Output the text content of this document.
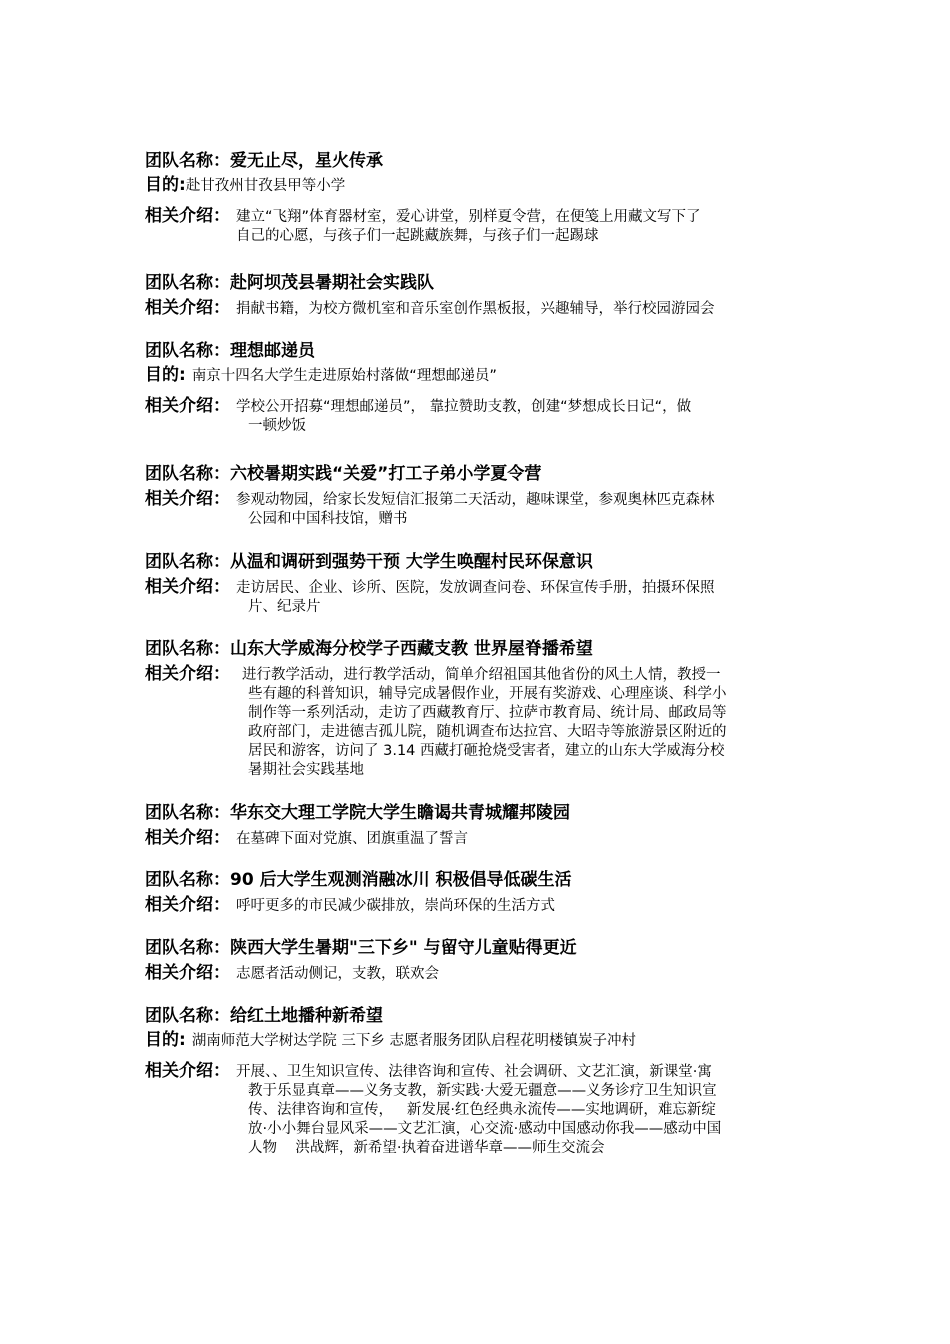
团队名称：爱无止尽，星火传承
目的: 赴甘孜州甘孜县甲等小学
相关介绍： 建立“飞翔”体育器材室，爱心讲堂，别样夏令营，在便笺上用藏文写下了
自己的心愿，与孩子们一起跳藏族舞，与孩子们一起踢球
团队名称：赴阿坝茂县暑期社会实践队
相关介绍： 捐献书籍，为校方微机室和音乐室创作黑板报，兴趣辅导，举行校园游园会
团队名称：理想邮递员
目的: 南京十四名大学生走进原始村落做“理想邮递员”
相关介绍： 学校公开招募“理想邮递员”， 靠拉赞助支教，创建“梦想成长日记“，做
一顿炒饭
团队名称：六校暑期实践“关爱”打工子弟小学夏令营
相关介绍： 参观动物园，给家长发短信汇报第二天活动，趣味课堂，参观奥林匹克森林
公园和中国科技馆，赠书
团队名称：从温和调研到强势干预 大学生唤醒村民环保意识
相关介绍： 走访居民、企业、诊所、医院，发放调查问卷、环保宣传手册，拍摄环保照
片、纪录片
团队名称：山东大学威海分校学子西藏支教 世界屋脊播希望
相关介绍： 进行教学活动，进行教学活动，简单介绍祖国其他省份的风土人情，教授一
些有趣的科普知识，辅导完成暑假作业，开展有奖游戏、心理座谈、科学小
制作等一系列活动，走访了西藏教育厅、拉萨市教育局、统计局、邮政局等
政府部门，走进德吉孤儿院，随机调查布达拉宫、大昭寺等旅游景区附近的
居民和游客，访问了 3.14 西藏打砸抢烧受害者，建立的山东大学威海分校
暑期社会实践基地
团队名称：华东交大理工学院大学生瞻谒共青城耀邦陵园
相关介绍： 在墓碑下面对党旗、团旗重温了誓言
团队名称：90 后大学生观测消融冰川 积极倡导低碳生活
相关介绍： 呼吁更多的市民减少碳排放，崇尚环保的生活方式
团队名称：陕西大学生暑期"三下乡" 与留守儿童贴得更近
相关介绍： 志愿者活动侧记，支教，联欢会
团队名称：给红土地播种新希望
目的: 湖南师范大学树达学院 三下乡 志愿者服务团队启程花明楼镇炭子冲村
相关介绍： 开展、、卫生知识宣传、法律咨询和宣传、社会调研、文艺汇演，新课堂·寓
教于乐显真章——义务支教，新实践·大爱无疆意——义务诊疗卫生知识宣
传、法律咨询和宣传，   新发展·红色经典永流传——实地调研，难忘新绽
放·小小舞台显风采——文艺汇演，心交流·感动中国感动你我——感动中国
人物    洪战辉，新希望·执着奋进谱华章——师生交流会
